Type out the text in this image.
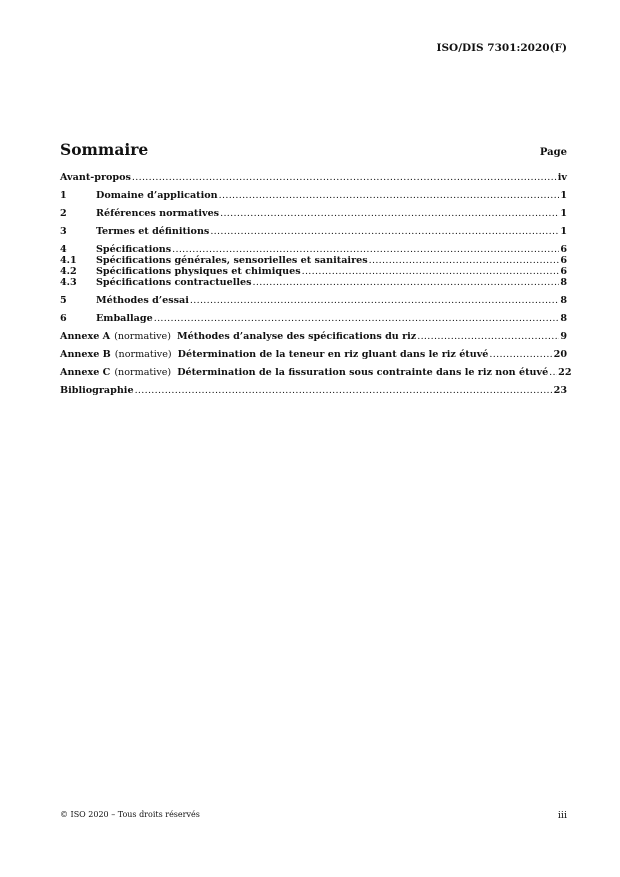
ISO/DIS 7301:2020(F)
Sommaire	Page
Avant-propos .....	iv
1	Domaine d’application .....	1
2	Références normatives .....	1
3	Termes et définitions .....	1
4	Spécifications .....	6
4.1	Spécifications générales, sensorielles et sanitaires .....	6
4.2	Spécifications physiques et chimiques .....	6
4.3	Spécifications contractuelles .....	8
5	Méthodes d’essai .....	8
6	Emballage .....	8
Annexe A (normative) Méthodes d’analyse des spécifications du riz .....	9
Annexe B (normative) Détermination de la teneur en riz gluant dans le riz étuvé .....	20
Annexe C (normative) Détermination de la fissuration sous contrainte dans le riz non étuvé ..... 22
Bibliographie .....	23
© ISO 2020 – Tous droits réservés	iii
